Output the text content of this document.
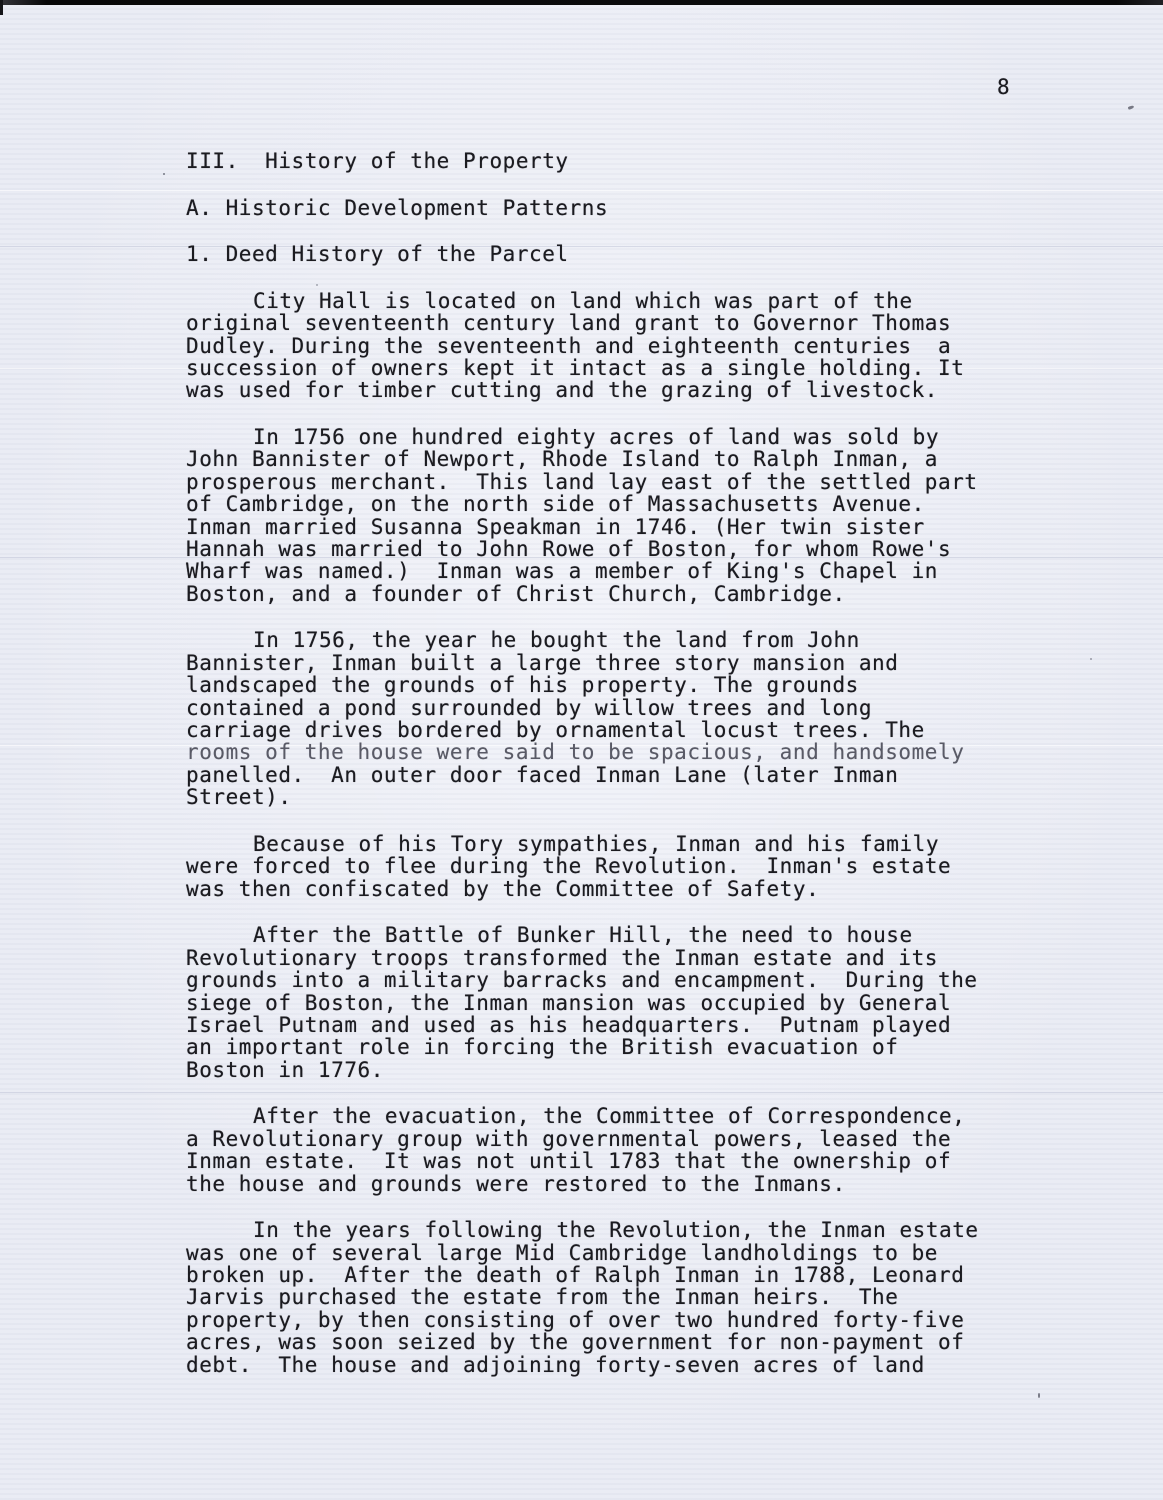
8
III.  History of the Property
A. Historic Development Patterns
1. Deed History of the Parcel
City Hall is located on land which was part of the
original seventeenth century land grant to Governor Thomas
Dudley. During the seventeenth and eighteenth centuries  a
succession of owners kept it intact as a single holding. It
was used for timber cutting and the grazing of livestock.
In 1756 one hundred eighty acres of land was sold by
John Bannister of Newport, Rhode Island to Ralph Inman, a
prosperous merchant.  This land lay east of the settled part
of Cambridge, on the north side of Massachusetts Avenue.
Inman married Susanna Speakman in 1746. (Her twin sister
Hannah was married to John Rowe of Boston, for whom Rowe's
Wharf was named.)  Inman was a member of King's Chapel in
Boston, and a founder of Christ Church, Cambridge.
In 1756, the year he bought the land from John
Bannister, Inman built a large three story mansion and
landscaped the grounds of his property. The grounds
contained a pond surrounded by willow trees and long
carriage drives bordered by ornamental locust trees. The
rooms of the house were said to be spacious, and handsomely
panelled.  An outer door faced Inman Lane (later Inman
Street).
Because of his Tory sympathies, Inman and his family
were forced to flee during the Revolution.  Inman's estate
was then confiscated by the Committee of Safety.
After the Battle of Bunker Hill, the need to house
Revolutionary troops transformed the Inman estate and its
grounds into a military barracks and encampment.  During the
siege of Boston, the Inman mansion was occupied by General
Israel Putnam and used as his headquarters.  Putnam played
an important role in forcing the British evacuation of
Boston in 1776.
After the evacuation, the Committee of Correspondence,
a Revolutionary group with governmental powers, leased the
Inman estate.  It was not until 1783 that the ownership of
the house and grounds were restored to the Inmans.
In the years following the Revolution, the Inman estate
was one of several large Mid Cambridge landholdings to be
broken up.  After the death of Ralph Inman in 1788, Leonard
Jarvis purchased the estate from the Inman heirs.  The
property, by then consisting of over two hundred forty-five
acres, was soon seized by the government for non-payment of
debt.  The house and adjoining forty-seven acres of land
